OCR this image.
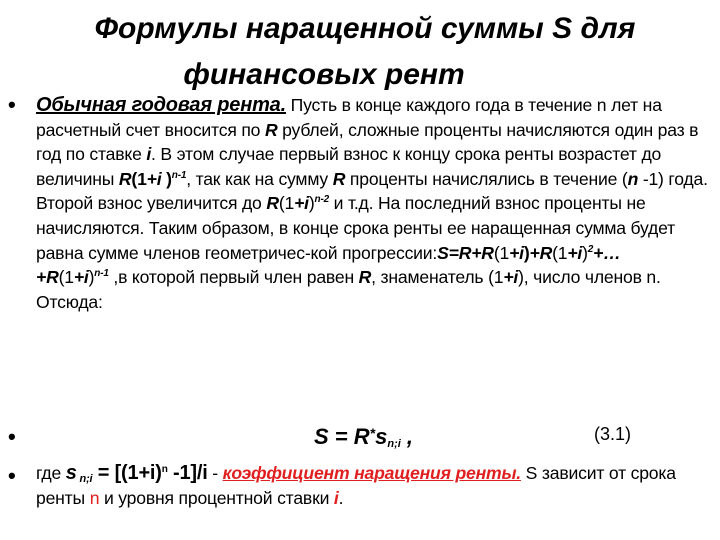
Формулы наращенной суммы S для
финансовых рент
• Обычная годовая рента. Пусть в конце каждого года в течение n лет на расчетный счет вносится по R рублей, сложные проценты начисляются один раз в год по ставке i. В этом случае первый взнос к концу срока ренты возрастет до величины R(1+i )$^{n-1}$, так как на сумму R проценты начислялись в течение (n -1) года. Второй взнос увеличится до $R(1+i)^{n-2}$ и т.д. На последний взнос проценты не начисляются. Таким образом, в конце срока ренты ее наращенная сумма будет равна сумме членов геометричес-кой $прогрессии:S=R+R(1+i)+R(1+i)^2+\dots$
$+R(1+i)^{n-1}$ ,в которой первый член равен R, знаменатель (1+i), число членов n. Отсюда:
•	$S = R^*s_{n;i}$ ,	(3.1)
• где s $_{n;i} = [(1+i)^n$ -1]/i - коэффициент наращения ренты. S зависит от срока ренты n и уровня процентной ставки i.
